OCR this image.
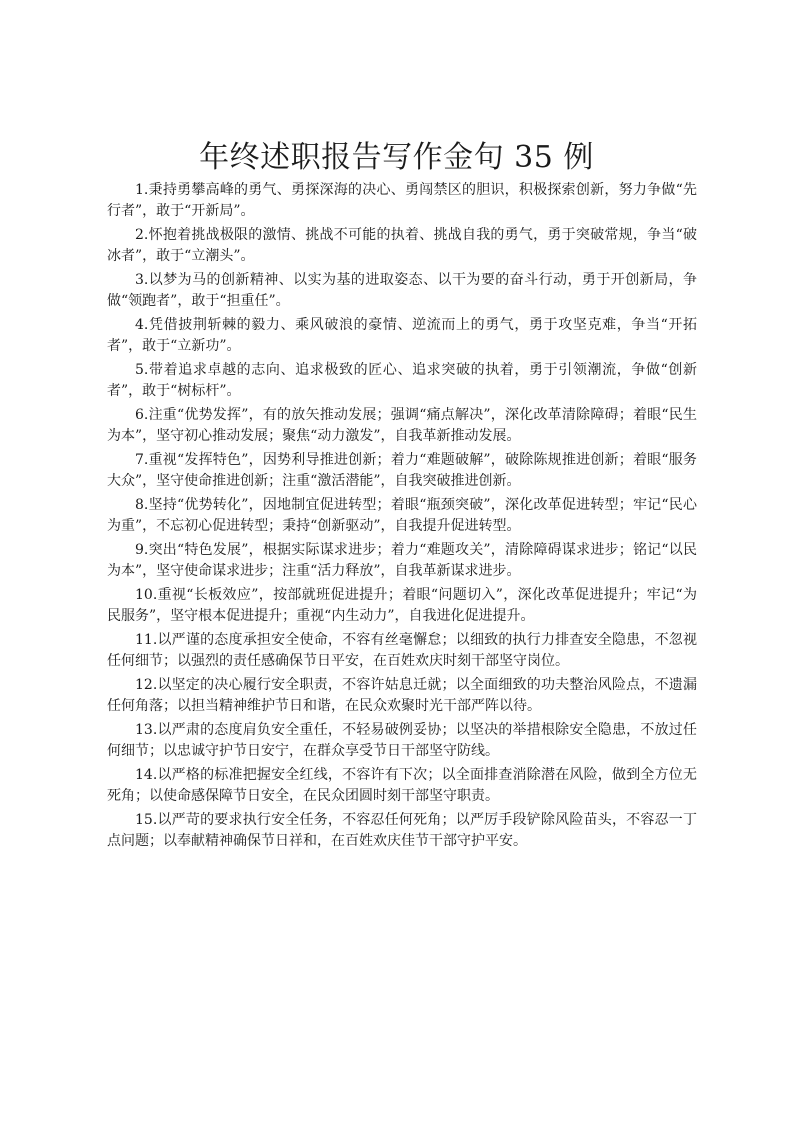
年终述职报告写作金句 35 例

1.秉持勇攀高峰的勇气、勇探深海的决心、勇闯禁区的胆识，积极探索创新，努力争做“先行者”，敢于“开新局”。

2.怀抱着挑战极限的激情、挑战不可能的执着、挑战自我的勇气，勇于突破常规，争当“破冰者”，敢于“立潮头”。

3.以梦为马的创新精神、以实为基的进取姿态、以干为要的奋斗行动，勇于开创新局，争做“领跑者”，敢于“担重任”。

4.凭借披荆斩棘的毅力、乘风破浪的豪情、逆流而上的勇气，勇于攻坚克难，争当“开拓者”，敢于“立新功”。

5.带着追求卓越的志向、追求极致的匠心、追求突破的执着，勇于引领潮流，争做“创新者”，敢于“树标杆”。

6.注重“优势发挥”，有的放矢推动发展；强调“痛点解决”，深化改革清除障碍；着眼“民生为本”，坚守初心推动发展；聚焦“动力激发”，自我革新推动发展。

7.重视“发挥特色”，因势利导推进创新；着力“难题破解”，破除陈规推进创新；着眼“服务大众”，坚守使命推进创新；注重“激活潜能”，自我突破推进创新。

8.坚持“优势转化”，因地制宜促进转型；着眼“瓶颈突破”，深化改革促进转型；牢记“民心为重”，不忘初心促进转型；秉持“创新驱动”，自我提升促进转型。

9.突出“特色发展”，根据实际谋求进步；着力“难题攻关”，清除障碍谋求进步；铭记“以民为本”，坚守使命谋求进步；注重“活力释放”，自我革新谋求进步。

10.重视“长板效应”，按部就班促进提升；着眼“问题切入”，深化改革促进提升；牢记“为民服务”，坚守根本促进提升；重视“内生动力”，自我进化促进提升。

11.以严谨的态度承担安全使命，不容有丝毫懈怠；以细致的执行力排查安全隐患，不忽视任何细节；以强烈的责任感确保节日平安，在百姓欢庆时刻干部坚守岗位。

12.以坚定的决心履行安全职责，不容许姑息迁就；以全面细致的功夫整治风险点，不遗漏任何角落；以担当精神维护节日和谐，在民众欢聚时光干部严阵以待。

13.以严肃的态度肩负安全重任，不轻易破例妥协；以坚决的举措根除安全隐患，不放过任何细节；以忠诚守护节日安宁，在群众享受节日干部坚守防线。

14.以严格的标准把握安全红线，不容许有下次；以全面排查消除潜在风险，做到全方位无死角；以使命感保障节日安全，在民众团圆时刻干部坚守职责。

15.以严苛的要求执行安全任务，不容忍任何死角；以严厉手段铲除风险苗头，不容忍一丁点问题；以奉献精神确保节日祥和，在百姓欢庆佳节干部守护平安。
